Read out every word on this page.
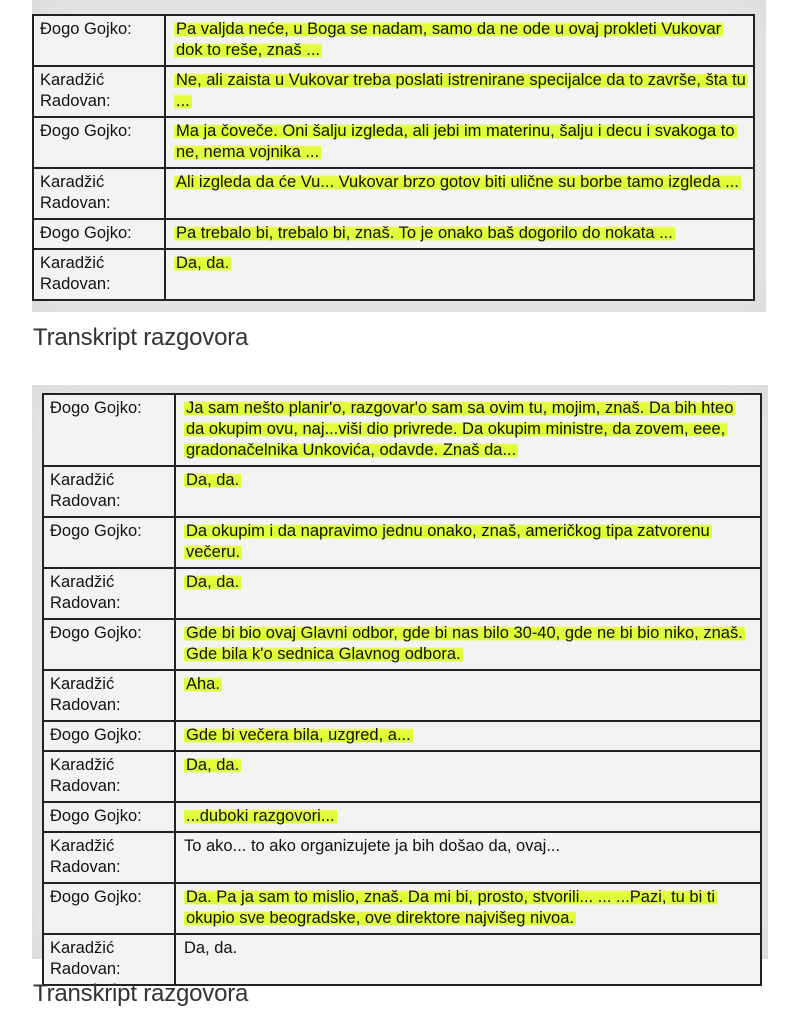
Đogo Gojko:	Pa valjda neće, u Boga se nadam, samo da ne ode u ovaj prokleti Vukovar dok to reše, znaš ...
Karadžić Radovan:	Ne, ali zaista u Vukovar treba poslati istrenirane specijalce da to završe, šta tu ...
Đogo Gojko:	Ma ja čoveče. Oni šalju izgleda, ali jebi im materinu, šalju i decu i svakoga to ne, nema vojnika ...
Karadžić Radovan:	Ali izgleda da će Vu... Vukovar brzo gotov biti ulične su borbe tamo izgleda ...
Đogo Gojko:	Pa trebalo bi, trebalo bi, znaš. To je onako baš dogorilo do nokata ...
Karadžić Radovan:	Da, da.
Transkript razgovora
Đogo Gojko:	Ja sam nešto planir'o, razgovar'o sam sa ovim tu, mojim, znaš. Da bih hteo da okupim ovu, naj...viši dio privrede. Da okupim ministre, da zovem, eee, gradonačelnika Unkovića, odavde. Znaš da...
Karadžić Radovan:	Da, da.
Đogo Gojko:	Da okupim i da napravimo jednu onako, znaš, američkog tipa zatvorenu večeru.
Karadžić Radovan:	Da, da.
Đogo Gojko:	Gde bi bio ovaj Glavni odbor, gde bi nas bilo 30-40, gde ne bi bio niko, znaš. Gde bila k'o sednica Glavnog odbora.
Karadžić Radovan:	Aha.
Đogo Gojko:	Gde bi večera bila, uzgred, a...
Karadžić Radovan:	Da, da.
Đogo Gojko:	...duboki razgovori...
Karadžić Radovan:	To ako... to ako organizujete ja bih došao da, ovaj...
Đogo Gojko:	Da. Pa ja sam to mislio, znaš. Da mi bi, prosto, stvorili... ... ...Pazi, tu bi ti okupio sve beogradske, ove direktore najvišeg nivoa.
Karadžić Radovan:	Da, da.
Transkript razgovora
